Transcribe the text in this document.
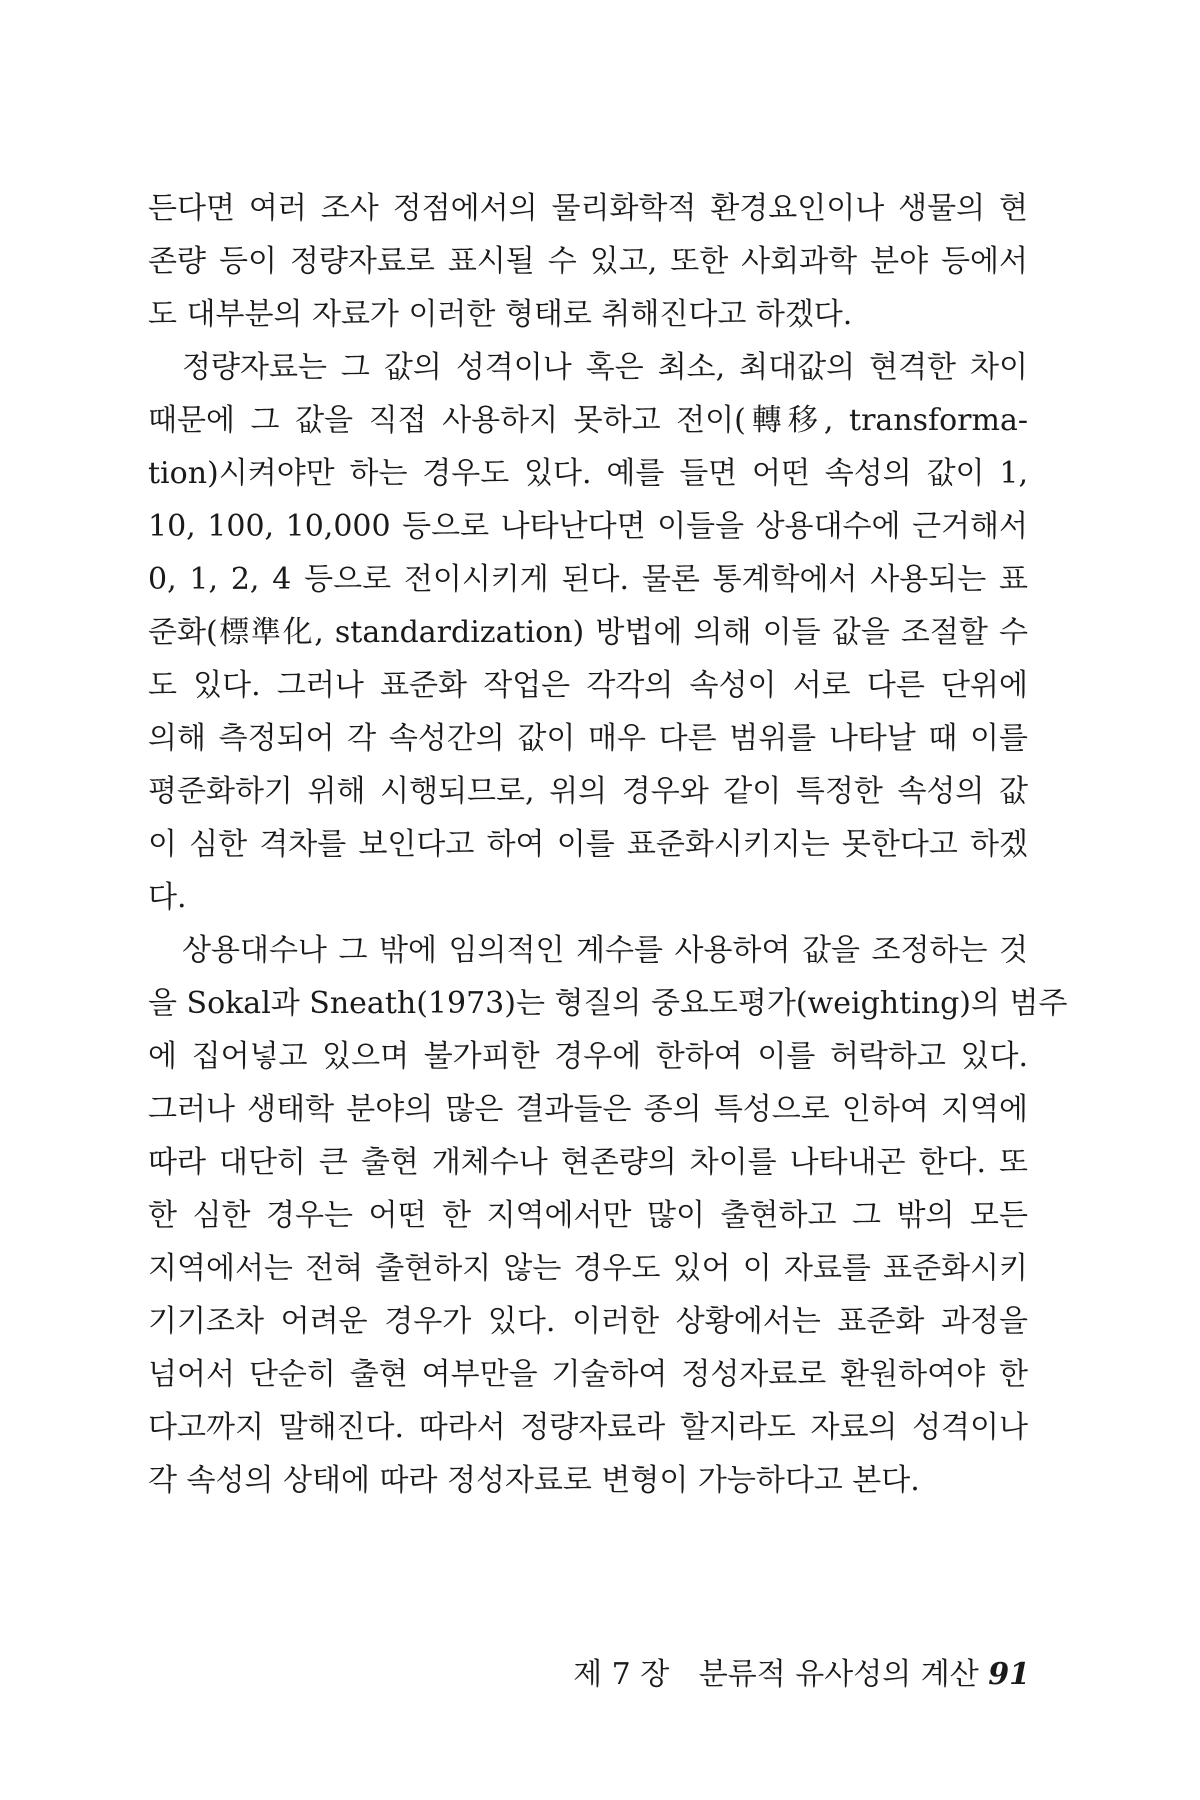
든다면 여러 조사 정점에서의 물리화학적 환경요인이나 생물의 현
존량 등이 정량자료로 표시될 수 있고, 또한 사회과학 분야 등에서
도 대부분의 자료가 이러한 형태로 취해진다고 하겠다.
정량자료는 그 값의 성격이나 혹은 최소, 최대값의 현격한 차이
때문에 그 값을 직접 사용하지 못하고 전이(轉移, transforma-
tion)시켜야만 하는 경우도 있다. 예를 들면 어떤 속성의 값이 1,
10, 100, 10,000 등으로 나타난다면 이들을 상용대수에 근거해서
0, 1, 2, 4 등으로 전이시키게 된다. 물론 통계학에서 사용되는 표
준화(標準化, standardization) 방법에 의해 이들 값을 조절할 수
도 있다. 그러나 표준화 작업은 각각의 속성이 서로 다른 단위에
의해 측정되어 각 속성간의 값이 매우 다른 범위를 나타날 때 이를
평준화하기 위해 시행되므로, 위의 경우와 같이 특정한 속성의 값
이 심한 격차를 보인다고 하여 이를 표준화시키지는 못한다고 하겠
다.
상용대수나 그 밖에 임의적인 계수를 사용하여 값을 조정하는 것
을 Sokal과 Sneath(1973)는 형질의 중요도평가(weighting)의 범주
에 집어넣고 있으며 불가피한 경우에 한하여 이를 허락하고 있다.
그러나 생태학 분야의 많은 결과들은 종의 특성으로 인하여 지역에
따라 대단히 큰 출현 개체수나 현존량의 차이를 나타내곤 한다. 또
한 심한 경우는 어떤 한 지역에서만 많이 출현하고 그 밖의 모든
지역에서는 전혀 출현하지 않는 경우도 있어 이 자료를 표준화시키
기기조차 어려운 경우가 있다. 이러한 상황에서는 표준화 과정을
넘어서 단순히 출현 여부만을 기술하여 정성자료로 환원하여야 한
다고까지 말해진다. 따라서 정량자료라 할지라도 자료의 성격이나
각 속성의 상태에 따라 정성자료로 변형이 가능하다고 본다.
제 7 장 분류적 유사성의 계산 91
